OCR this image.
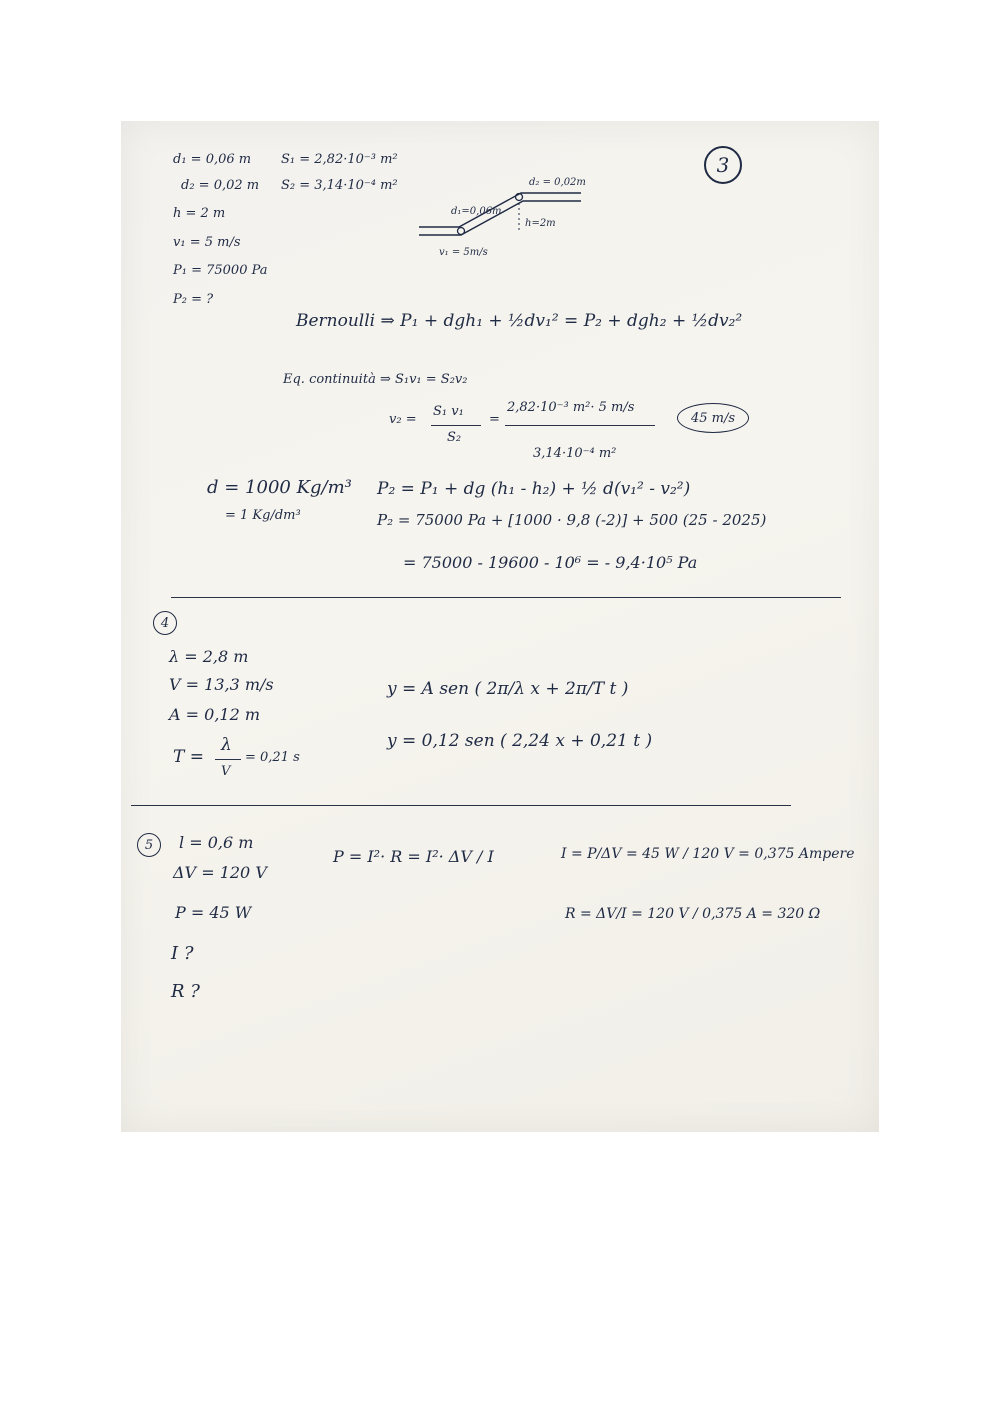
3
d₁ = 0,06 m
d₂ = 0,02 m
h = 2 m
v₁ = 5 m/s
P₁ = 75000 Pa
P₂ = ?
S₁ = 2,82·10⁻³ m²
S₂ = 3,14·10⁻⁴ m²
d₁=0,06m
d₂ = 0,02m
h=2m
v₁ = 5m/s
Bernoulli ⇒ P₁ + dgh₁ + ½dv₁² = P₂ + dgh₂ + ½dv₂²
Eq. continuità ⇒ S₁v₁ = S₂v₂
v₂ =
S₁ v₁
S₂
=
2,82·10⁻³ m²· 5 m/s
3,14·10⁻⁴ m²
45 m/s
d = 1000 Kg/m³
= 1 Kg/dm³
P₂ = P₁ + dg (h₁ - h₂) + ½ d(v₁² - v₂²)
P₂ = 75000 Pa + [1000 · 9,8 (-2)] + 500 (25 - 2025)
= 75000 - 19600 - 10⁶ = - 9,4·10⁵ Pa
4
λ = 2,8 m
V = 13,3 m/s
A = 0,12 m
T =
λ
V
= 0,21 s
y = A sen ( 2π/λ x + 2π/T t )
y = 0,12 sen ( 2,24 x + 0,21 t )
5 l = 0,6 m
ΔV = 120 V
P = 45 W
I ?
R ?
P = I²· R = I²· ΔV / I	I = P/ΔV = 45 W / 120 V = 0,375 Ampere
R = ΔV/I = 120 V / 0,375 A = 320 Ω
